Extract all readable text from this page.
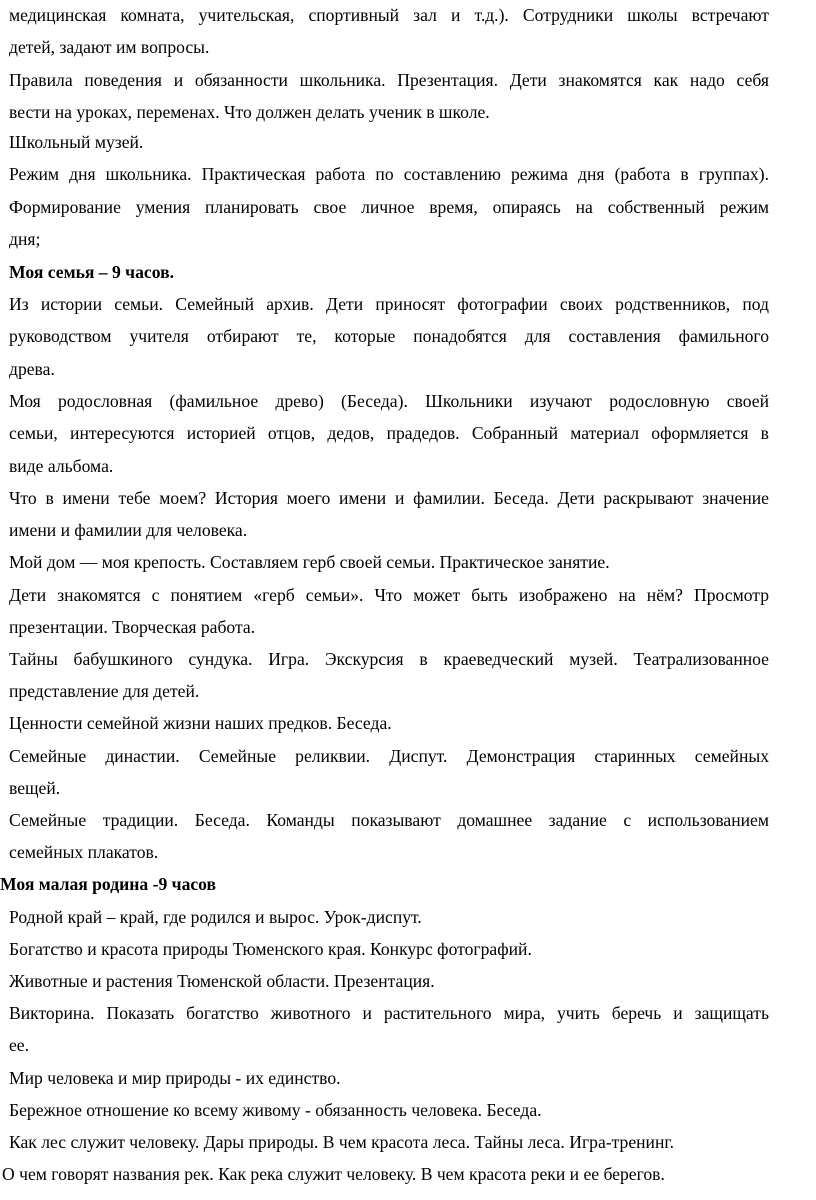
медицинская комната, учительская, спортивный зал и т.д.). Сотрудники школы встречают

детей, задают им вопросы.

Правила поведения и обязанности школьника. Презентация. Дети знакомятся как надо себя

вести на уроках, переменах. Что должен делать ученик в школе.

Школьный музей.

Режим дня школьника. Практическая работа по составлению режима дня (работа в группах).

Формирование умения планировать свое личное время, опираясь на собственный режим

дня;

Моя семья – 9 часов.

Из истории семьи. Семейный архив. Дети приносят фотографии своих родственников, под

руководством учителя отбирают те, которые понадобятся для составления фамильного

древа.

Моя родословная (фамильное древо) (Беседа). Школьники изучают родословную своей

семьи, интересуются историей отцов, дедов, прадедов. Собранный материал оформляется в

виде альбома.

Что в имени тебе моем? История моего имени и фамилии. Беседа. Дети раскрывают значение

имени и фамилии для человека.

Мой дом — моя крепость. Составляем герб своей семьи. Практическое занятие.

Дети знакомятся с понятием «герб семьи». Что может быть изображено на нём? Просмотр

презентации. Творческая работа.

Тайны бабушкиного сундука. Игра. Экскурсия в краеведческий музей. Театрализованное

представление для детей.

Ценности семейной жизни наших предков. Беседа.

Семейные династии. Семейные реликвии. Диспут. Демонстрация старинных семейных

вещей.

Семейные традиции. Беседа. Команды показывают домашнее задание с использованием

семейных плакатов.

Моя малая родина -9 часов

Родной край – край, где родился и вырос. Урок-диспут.

Богатство и красота природы Тюменского края. Конкурс фотографий.

Животные и растения Тюменской области. Презентация.

Викторина. Показать богатство животного и растительного мира, учить беречь и защищать

ее.

Мир человека и мир природы - их единство.

Бережное отношение ко всему живому - обязанность человека. Беседа.

Как лес служит человеку. Дары природы. В чем красота леса. Тайны леса. Игра-тренинг.

О чем говорят названия рек. Как река служит человеку. В чем красота реки и ее берегов.
